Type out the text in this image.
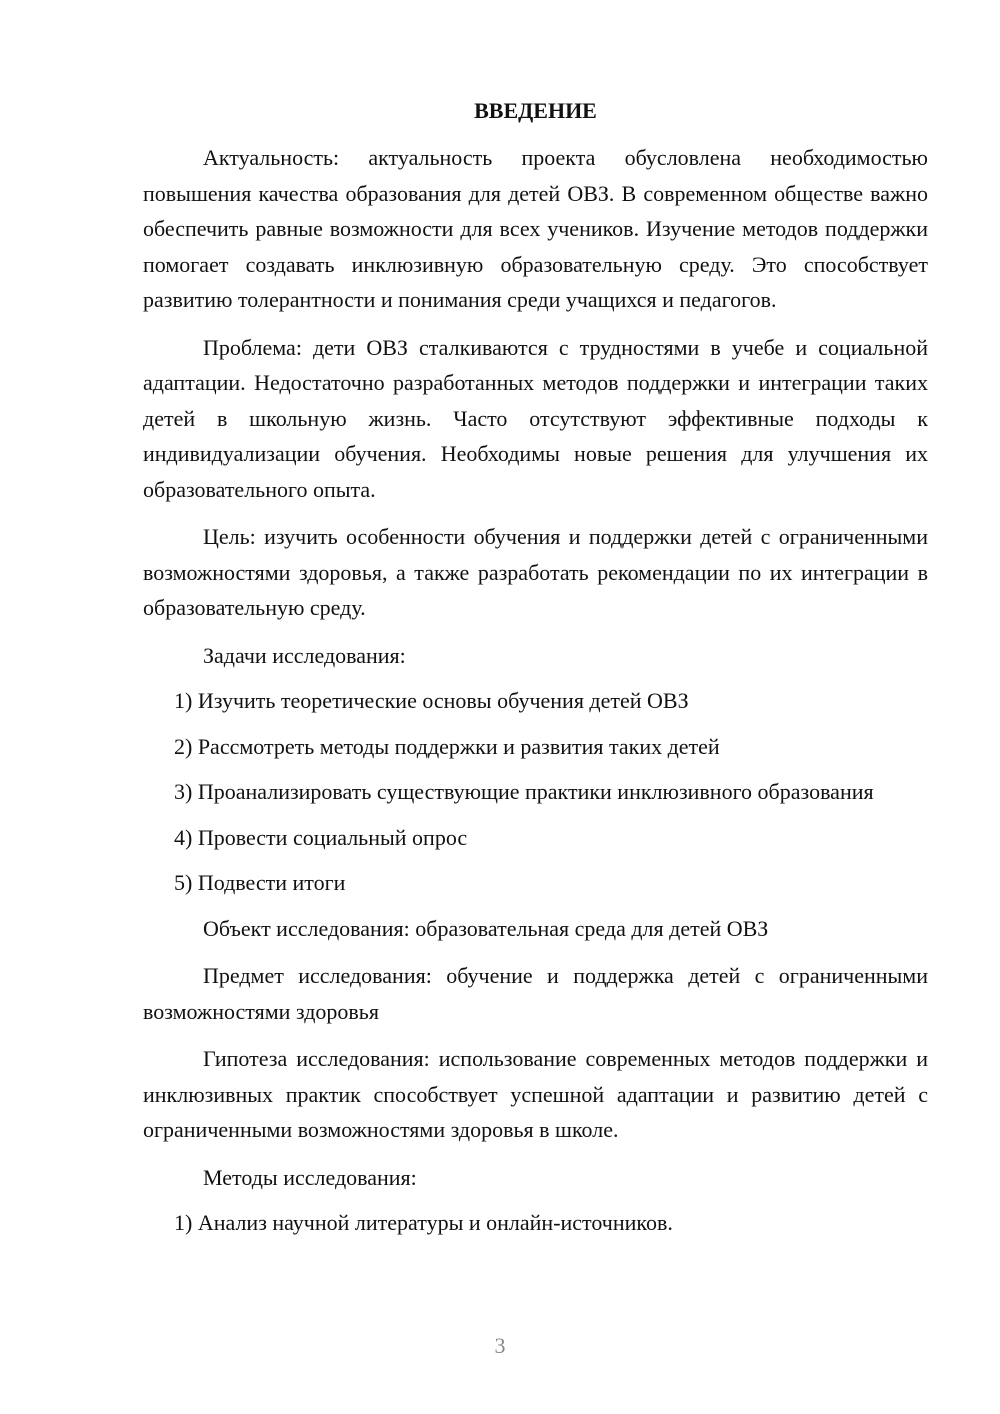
ВВЕДЕНИЕ
Актуальность: актуальность проекта обусловлена необходимостью повышения качества образования для детей ОВЗ. В современном обществе важно обеспечить равные возможности для всех учеников. Изучение методов поддержки помогает создавать инклюзивную образовательную среду. Это способствует развитию толерантности и понимания среди учащихся и педагогов.
Проблема: дети ОВЗ сталкиваются с трудностями в учебе и социальной адаптации. Недостаточно разработанных методов поддержки и интеграции таких детей в школьную жизнь. Часто отсутствуют эффективные подходы к индивидуализации обучения. Необходимы новые решения для улучшения их образовательного опыта.
Цель: изучить особенности обучения и поддержки детей с ограниченными возможностями здоровья, а также разработать рекомендации по их интеграции в образовательную среду.
Задачи исследования:
1) Изучить теоретические основы обучения детей ОВЗ
2) Рассмотреть методы поддержки и развития таких детей
3) Проанализировать существующие практики инклюзивного образования
4) Провести социальный опрос
5) Подвести итоги
Объект исследования: образовательная среда для детей ОВЗ
Предмет исследования: обучение и поддержка детей с ограниченными возможностями здоровья
Гипотеза исследования: использование современных методов поддержки и инклюзивных практик способствует успешной адаптации и развитию детей с ограниченными возможностями здоровья в школе.
Методы исследования:
1) Анализ научной литературы и онлайн-источников.
3
